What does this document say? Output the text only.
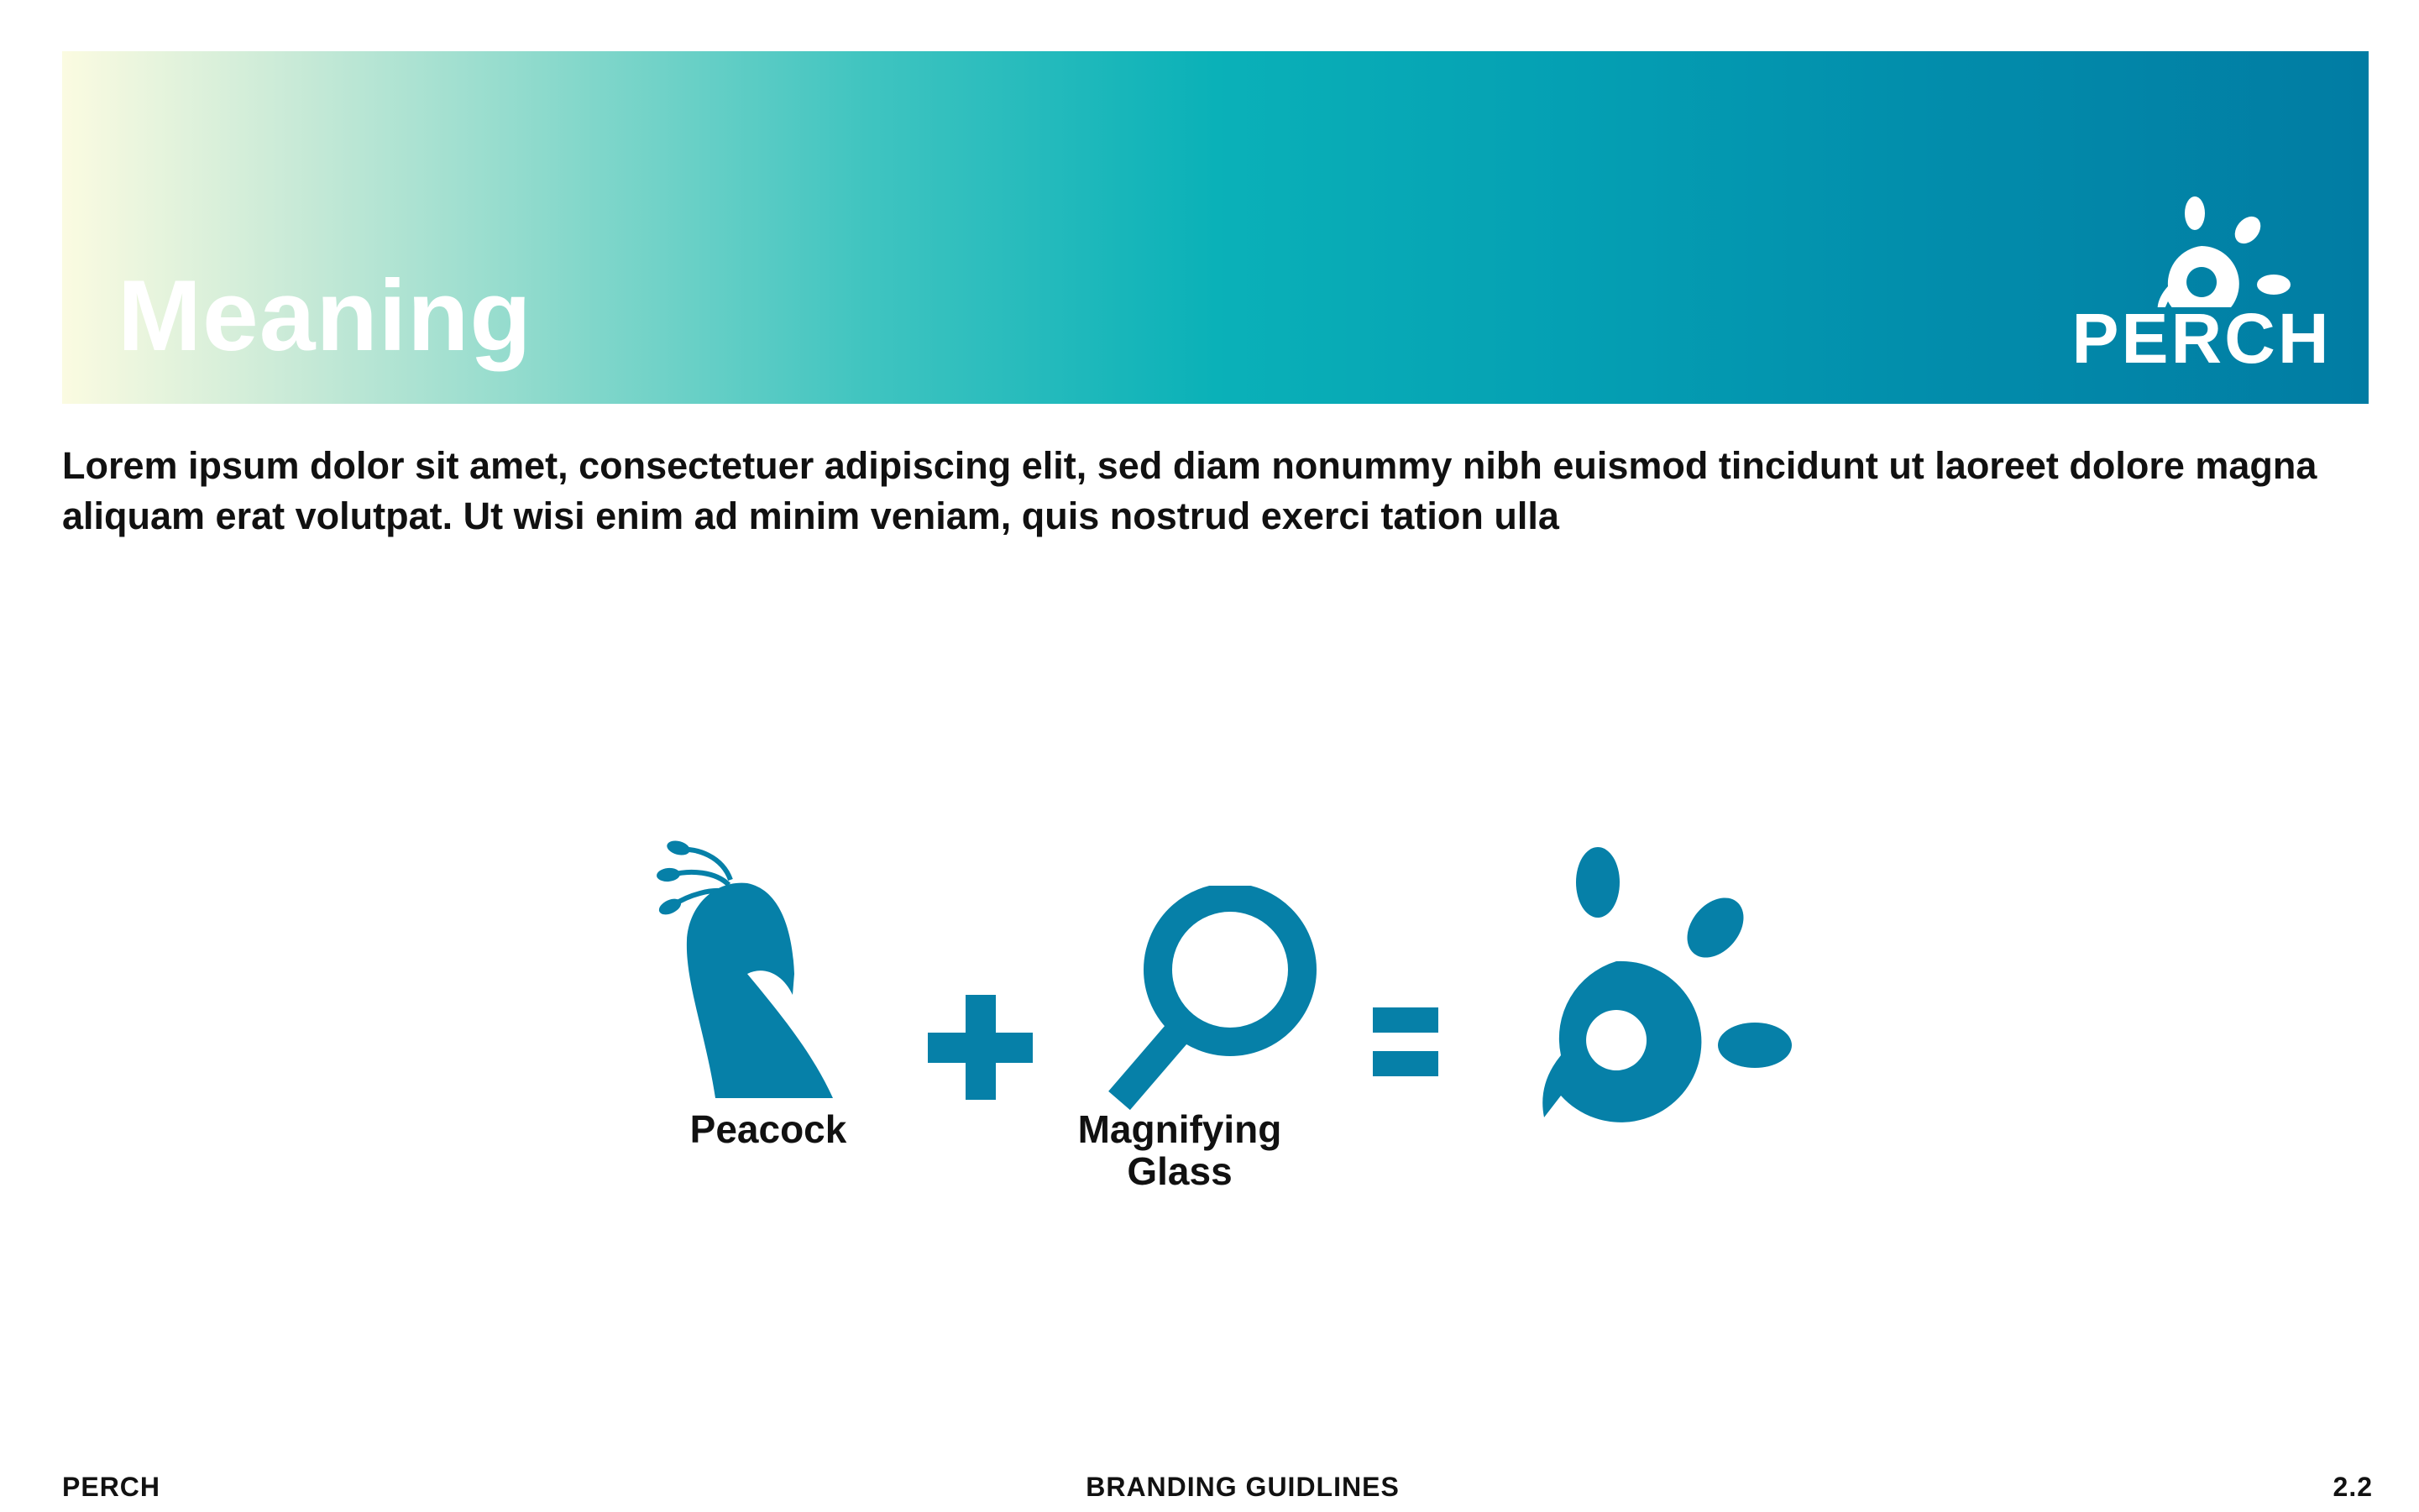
Meaning	PERCH

Lorem ipsum dolor sit amet, consectetuer adipiscing elit, sed diam nonummy nibh euismod tincidunt ut laoreet dolore magna aliquam erat volutpat. Ut wisi enim ad minim veniam, quis nostrud exerci tation ulla

Peacock	Magnifying Glass
PERCH	BRANDING GUIDLINES	2.2
